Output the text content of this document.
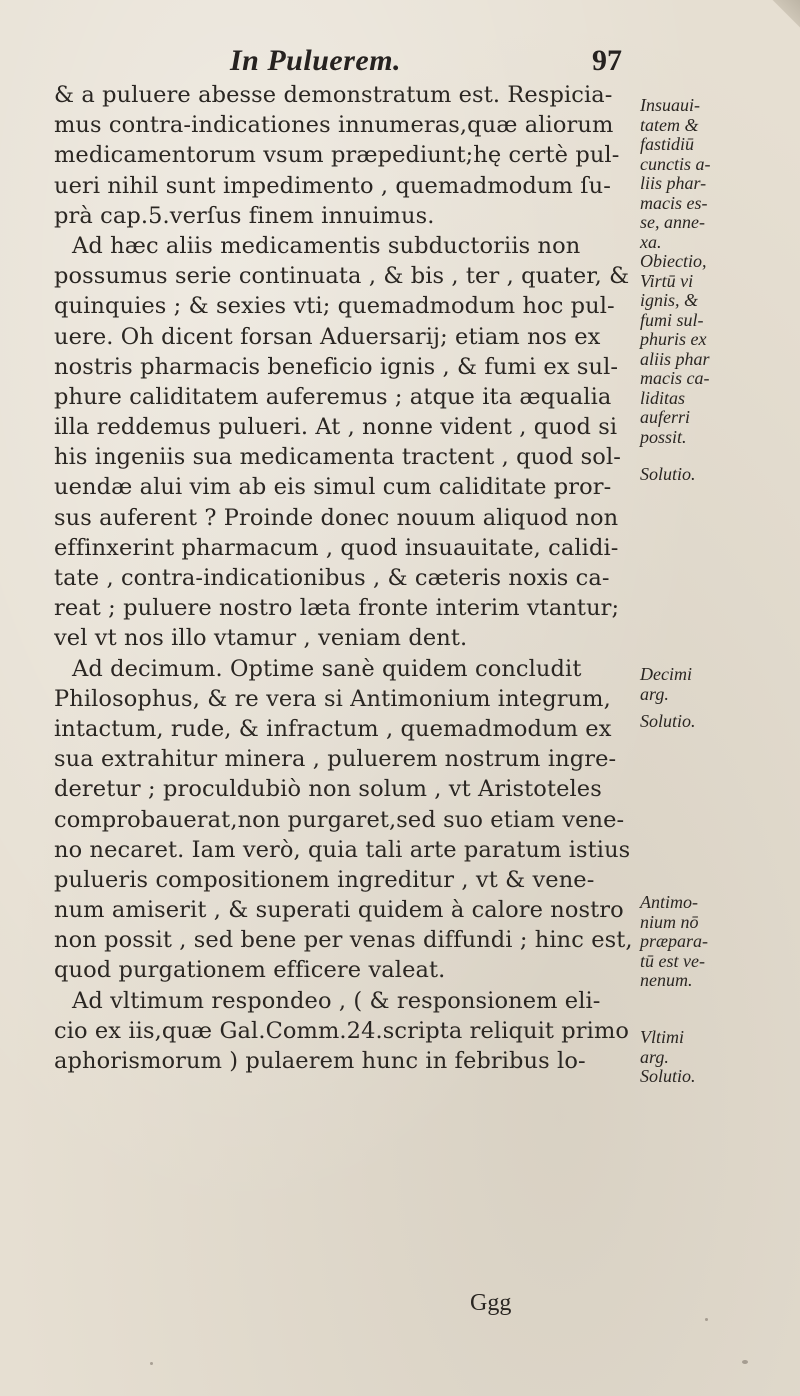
In Puluerem.	97
& a puluere abesse demonstratum est. Respicia-
mus contra-indicationes innumeras,quæ aliorum
medicamentorum vsum præpediunt;hę certè pul-
ueri nihil sunt impedimento , quemadmodum ſu-
prà cap.5.verſus finem innuimus.
Ad hæc aliis medicamentis subductoriis non
possumus serie continuata , & bis , ter , quater, &
quinquies ; & sexies vti; quemadmodum hoc pul-
uere. Oh dicent forsan Aduersarij; etiam nos ex
nostris pharmacis beneficio ignis , & fumi ex sul-
phure caliditatem auferemus ; atque ita æqualia
illa reddemus pulueri. At , nonne vident , quod si
his ingeniis sua medicamenta tractent , quod sol-
uendæ alui vim ab eis simul cum caliditate pror-
sus auferent ? Proinde donec nouum aliquod non
effinxerint pharmacum , quod insuauitate, calidi-
tate , contra-indicationibus , & cæteris noxis ca-
reat ; puluere nostro læta fronte interim vtantur;
vel vt nos illo vtamur , veniam dent.
Ad decimum. Optime sanè quidem concludit
Philosophus, & re vera si Antimonium integrum,
intactum, rude, & infractum , quemadmodum ex
sua extrahitur minera , puluerem nostrum ingre-
deretur ; proculdubiò non solum , vt Aristoteles
comprobauerat,non purgaret,sed suo etiam vene-
no necaret. Iam verò, quia tali arte paratum istius
pulueris compositionem ingreditur , vt & vene-
num amiserit , & superati quidem à calore nostro
non possit , sed bene per venas diffundi ; hinc est,
quod purgationem efficere valeat.
Ad vltimum respondeo , ( & responsionem eli-
cio ex iis,quæ Gal.Comm.24.scripta reliquit primo
aphorismorum ) pulaerem hunc in febribus lo-
Insuaui-
tatem &
fastidiū
cunctis a-
liis phar-
macis es-
se, anne-
xa.
Obiectio,
Virtū vi
ignis, &
fumi sul-
phuris ex
aliis phar
macis ca-
liditas
auferri
possit.
Solutio.
Decimi
arg.
Solutio.
Antimo-
nium nō
præpara-
tū est ve-
nenum.
Vltimi
arg.
Solutio.
Ggg
